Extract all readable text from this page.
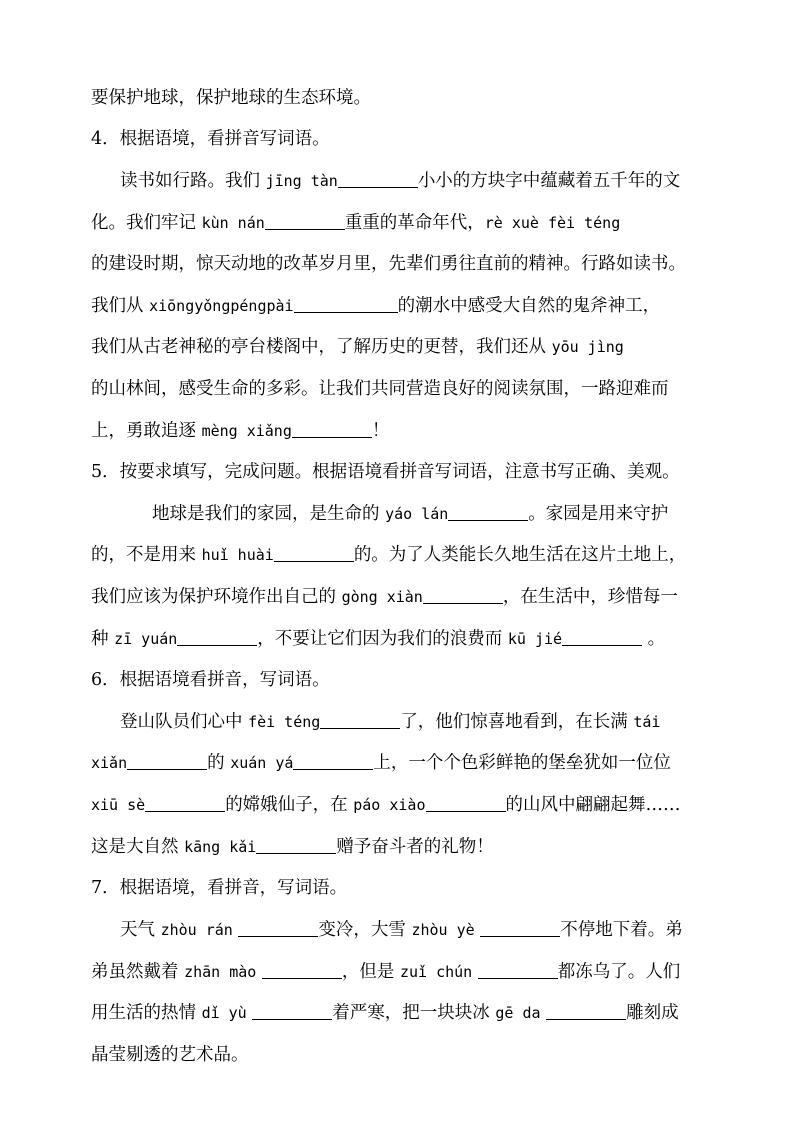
要保护地球，保护地球的生态环境。
4．根据语境，看拼音写词语。
读书如行路。我们 jīng tàn	小小的方块字中蕴藏着五千年的文
化。我们牢记 kùn nán	重重的革命年代，rè xuè fèi téng
的建设时期，惊天动地的改革岁月里，先辈们勇往直前的精神。行路如读书。
我们从 xiōngyǒngpéngpài	的潮水中感受大自然的鬼斧神工，
我们从古老神秘的亭台楼阁中，了解历史的更替，我们还从 yōu jìng
的山林间，感受生命的多彩。让我们共同营造良好的阅读氛围，一路迎难而
上，勇敢追逐 mèng xiǎng	！
5．按要求填写，完成问题。根据语境看拼音写词语，注意书写正确、美观。
地球是我们的家园，是生命的 yáo lán	。家园是用来守护
的，不是用来 huǐ huài	的。为了人类能长久地生活在这片土地上，
我们应该为保护环境作出自己的 gòng xiàn	，在生活中，珍惜每一
种 zī yuán	，不要让它们因为我们的浪费而 kū jié	。
6．根据语境看拼音，写词语。
登山队员们心中 fèi téng	了，他们惊喜地看到，在长满 tái
xiǎn	的 xuán yá	上，一个个色彩鲜艳的堡垒犹如一位位
xiū sè	的嫦娥仙子，在 páo xiào	的山风中翩翩起舞……
这是大自然 kāng kǎi	赠予奋斗者的礼物！
7．根据语境，看拼音，写词语。
天气 zhòu rán	变冷，大雪 zhòu yè	不停地下着。弟
弟虽然戴着 zhān mào	，但是 zuǐ chún	都冻乌了。人们
用生活的热情 dǐ yù	着严寒，把一块块冰 gē da	雕刻成
晶莹剔透的艺术品。
